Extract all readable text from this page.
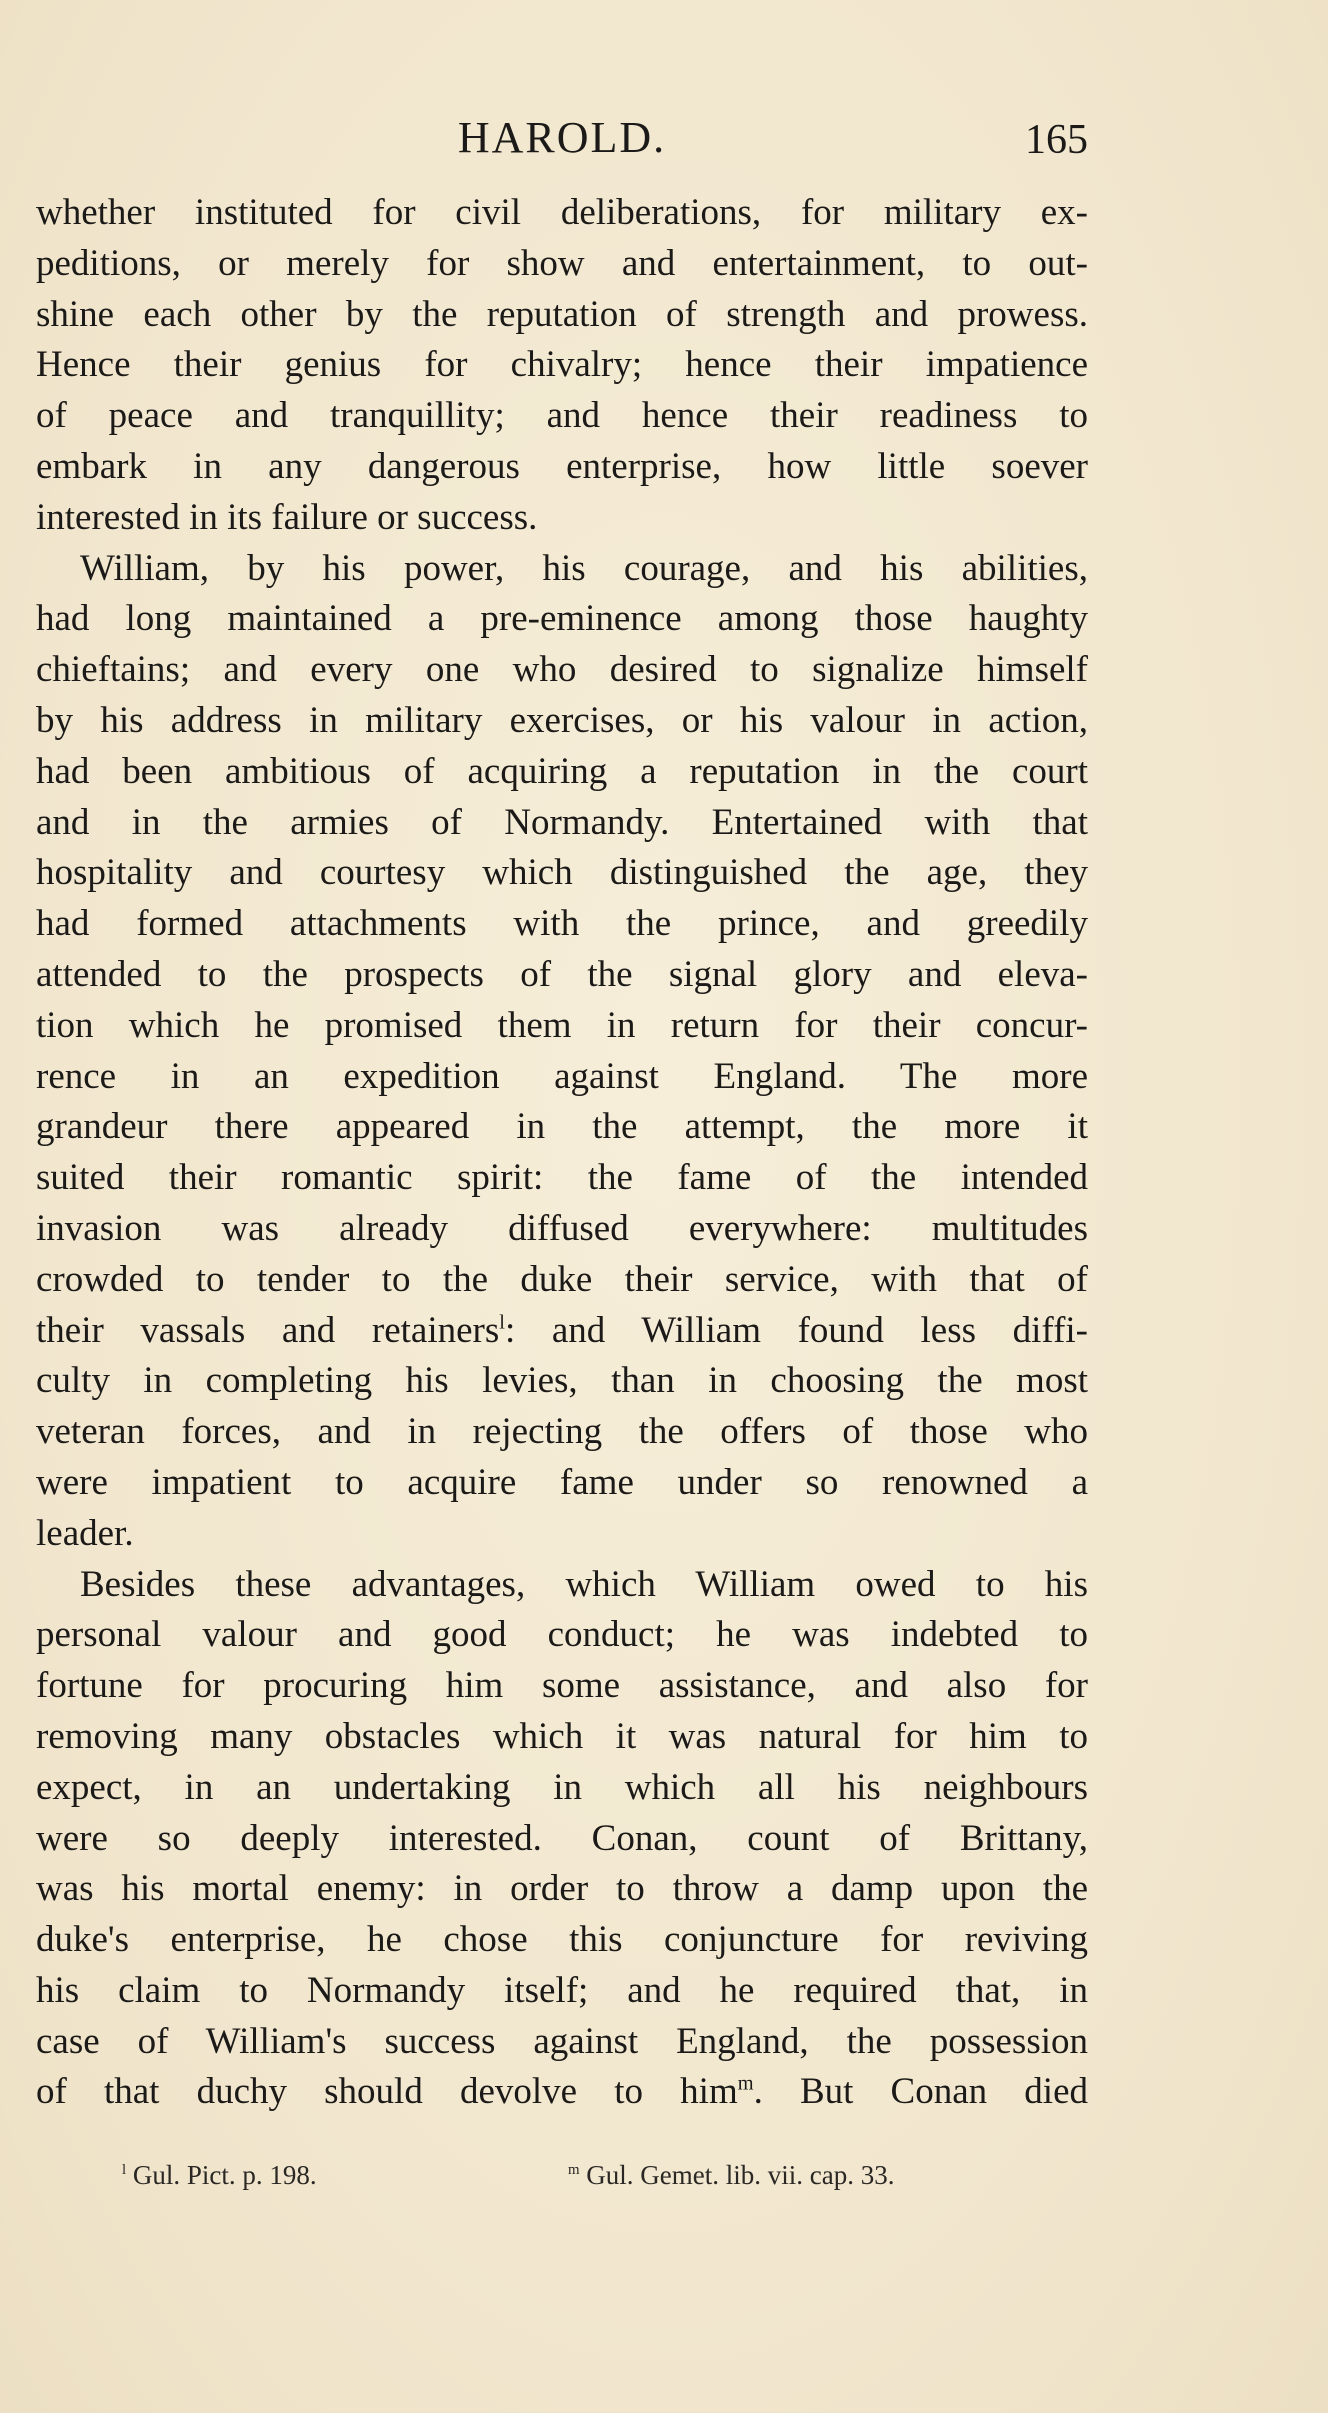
HAROLD.	165
whether instituted for civil deliberations, for military ex-
peditions, or merely for show and entertainment, to out-
shine each other by the reputation of strength and prowess.
Hence their genius for chivalry; hence their impatience
of peace and tranquillity; and hence their readiness to
embark in any dangerous enterprise, how little soever
interested in its failure or success.
William, by his power, his courage, and his abilities,
had long maintained a pre-eminence among those haughty
chieftains; and every one who desired to signalize himself
by his address in military exercises, or his valour in action,
had been ambitious of acquiring a reputation in the court
and in the armies of Normandy. Entertained with that
hospitality and courtesy which distinguished the age, they
had formed attachments with the prince, and greedily
attended to the prospects of the signal glory and eleva-
tion which he promised them in return for their concur-
rence in an expedition against England. The more
grandeur there appeared in the attempt, the more it
suited their romantic spirit: the fame of the intended
invasion was already diffused everywhere: multitudes
crowded to tender to the duke their service, with that of
their vassals and retainers$^l$: and William found less diffi-
culty in completing his levies, than in choosing the most
veteran forces, and in rejecting the offers of those who
were impatient to acquire fame under so renowned a
leader.
Besides these advantages, which William owed to his
personal valour and good conduct; he was indebted to
fortune for procuring him some assistance, and also for
removing many obstacles which it was natural for him to
expect, in an undertaking in which all his neighbours
were so deeply interested. Conan, count of Brittany,
was his mortal enemy: in order to throw a damp upon the
duke's enterprise, he chose this conjuncture for reviving
his claim to Normandy itself; and he required that, in
case of William's success against England, the possession
of that duchy should devolve to him$^m$. But Conan died
$^l$ Gul. Pict. p. 198.	$^m$ Gul. Gemet. lib. vii. cap. 33.
